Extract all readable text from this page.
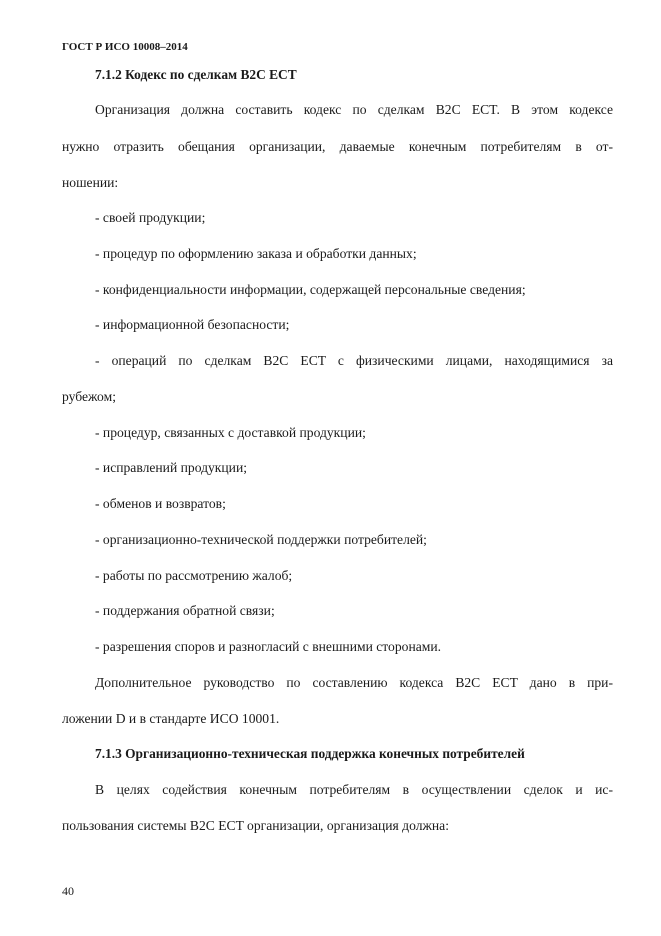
ГОСТ Р ИСО 10008–2014
7.1.2 Кодекс по сделкам B2C ECT
Организация должна составить кодекс по сделкам B2C ECT. В этом кодексе
нужно отразить обещания организации, даваемые конечным потребителям в от-
ношении:
- своей продукции;
- процедур по оформлению заказа и обработки данных;
- конфиденциальности информации, содержащей персональные сведения;
- информационной безопасности;
- операций по сделкам B2C ECT с физическими лицами, находящимися за
рубежом;
- процедур, связанных с доставкой продукции;
- исправлений продукции;
- обменов и возвратов;
- организационно-технической поддержки потребителей;
- работы по рассмотрению жалоб;
- поддержания обратной связи;
- разрешения споров и разногласий с внешними сторонами.
Дополнительное руководство по составлению кодекса B2C ECT дано в при-
ложении D и в стандарте ИСО 10001.
7.1.3 Организационно-техническая поддержка конечных потребителей
В целях содействия конечным потребителям в осуществлении сделок и ис-
пользования системы B2C ECT организации, организация должна:
40
